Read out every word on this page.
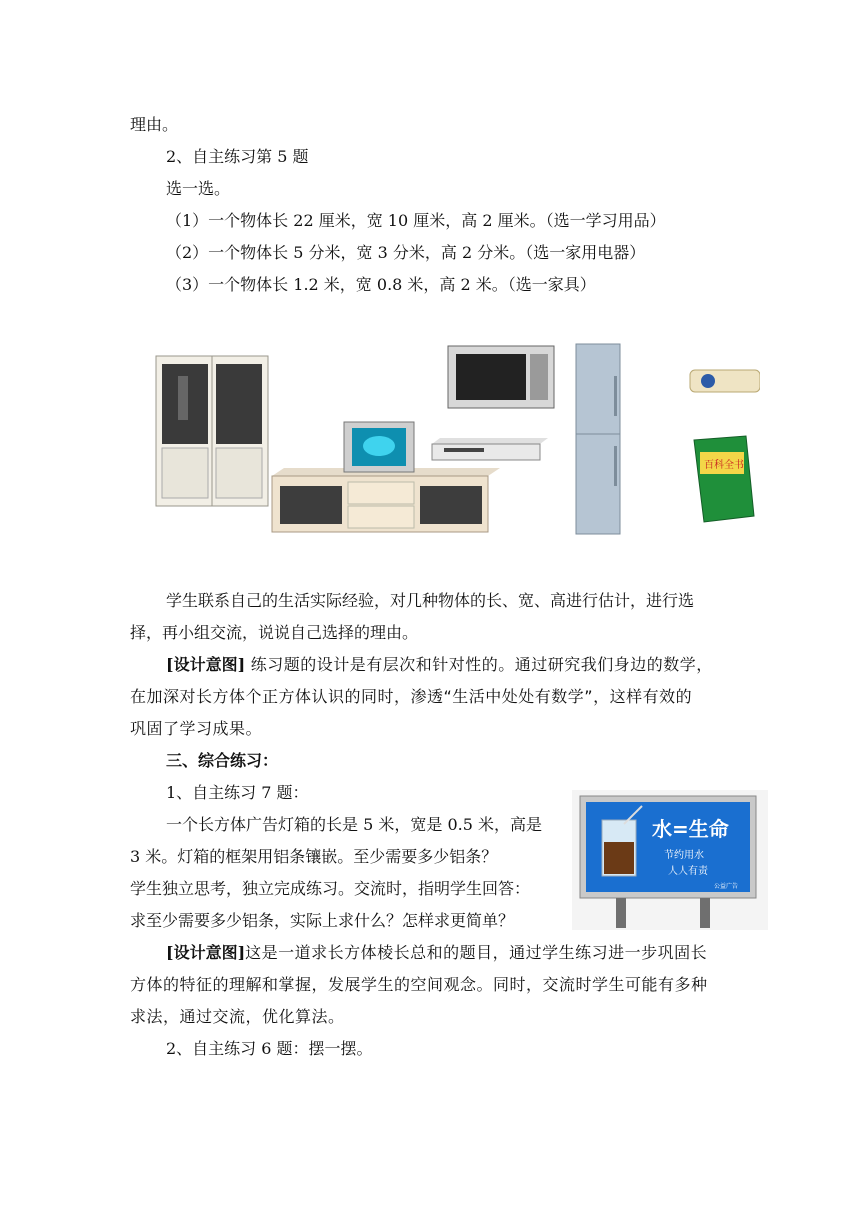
理由。
2、自主练习第 5 题
选一选。
（1）一个物体长 22 厘米，宽 10 厘米，高 2 厘米。（选一学习用品）
（2）一个物体长 5 分米，宽 3 分米，高 2 分米。（选一家用电器）
（3）一个物体长 1.2 米，宽 0.8 米，高 2 米。（选一家具）
百科全书
学生联系自己的生活实际经验，对几种物体的长、宽、高进行估计，进行选
择，再小组交流，说说自己选择的理由。
[设计意图] 练习题的设计是有层次和针对性的。通过研究我们身边的数学，
在加深对长方体个正方体认识的同时，渗透“生活中处处有数学”，这样有效的
巩固了学习成果。
三、综合练习：
1、自主练习 7 题：
一个长方体广告灯箱的长是 5 米，宽是 0.5 米，高是
3 米。灯箱的框架用铝条镶嵌。至少需要多少铝条？
学生独立思考，独立完成练习。交流时，指明学生回答：
求至少需要多少铝条，实际上求什么？怎样求更简单？
水=生命
节约用水
人人有责
公益广告
[设计意图]这是一道求长方体棱长总和的题目，通过学生练习进一步巩固长
方体的特征的理解和掌握，发展学生的空间观念。同时，交流时学生可能有多种
求法，通过交流，优化算法。
2、自主练习 6 题：摆一摆。
